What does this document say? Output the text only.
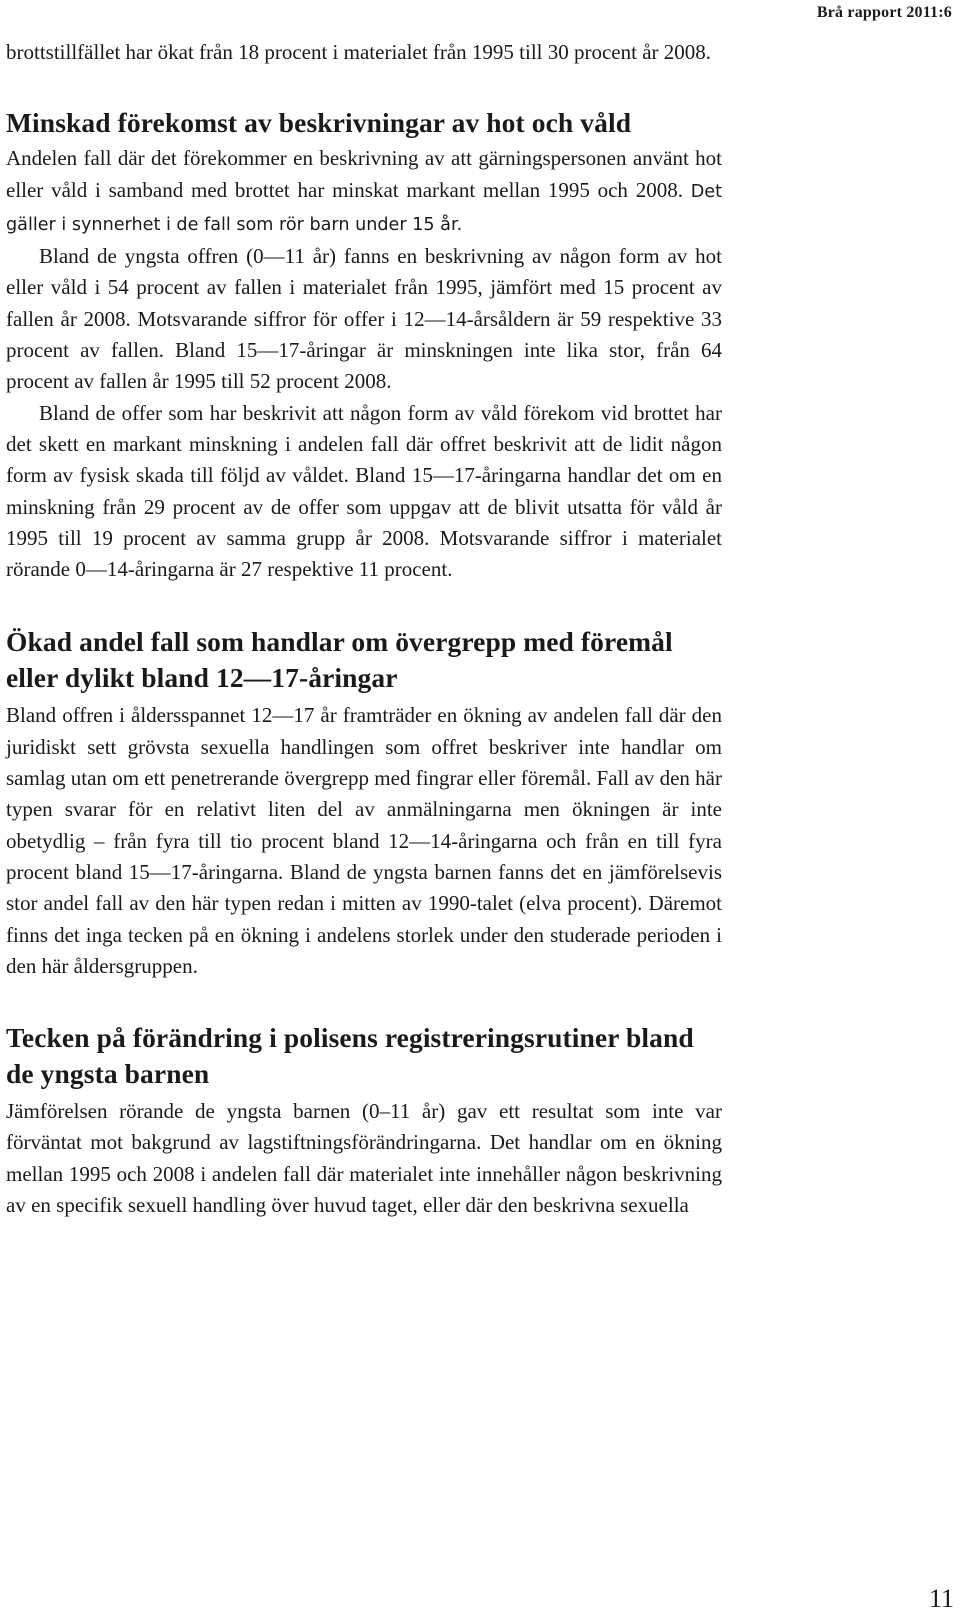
Brå rapport 2011:6

brottstillfället har ökat från 18 procent i materialet från 1995 till 30 procent år 2008.

Minskad förekomst av beskrivningar av hot och våld

Andelen fall där det förekommer en beskrivning av att gärningspersonen använt hot eller våld i samband med brottet har minskat markant mellan 1995 och 2008. Det gäller i synnerhet i de fall som rör barn under 15 år.

Bland de yngsta offren (0—11 år) fanns en beskrivning av någon form av hot eller våld i 54 procent av fallen i materialet från 1995, jämfört med 15 procent av fallen år 2008. Motsvarande siffror för offer i 12—14-årsåldern är 59 respektive 33 procent av fallen. Bland 15—17-åringar är minskningen inte lika stor, från 64 procent av fallen år 1995 till 52 procent 2008.

Bland de offer som har beskrivit att någon form av våld förekom vid brottet har det skett en markant minskning i andelen fall där offret beskrivit att de lidit någon form av fysisk skada till följd av våldet. Bland 15—17-åringarna handlar det om en minskning från 29 procent av de offer som uppgav att de blivit utsatta för våld år 1995 till 19 procent av samma grupp år 2008. Motsvarande siffror i materialet rörande 0—14-åringarna är 27 respektive 11 procent.

Ökad andel fall som handlar om övergrepp med föremål eller dylikt bland 12—17-åringar

Bland offren i åldersspannet 12—17 år framträder en ökning av andelen fall där den juridiskt sett grövsta sexuella handlingen som offret beskriver inte handlar om samlag utan om ett penetrerande övergrepp med fingrar eller föremål. Fall av den här typen svarar för en relativt liten del av anmälningarna men ökningen är inte obetydlig – från fyra till tio procent bland 12—14-åringarna och från en till fyra procent bland 15—17-åringarna. Bland de yngsta barnen fanns det en jämförelsevis stor andel fall av den här typen redan i mitten av 1990-talet (elva procent). Däremot finns det inga tecken på en ökning i andelens storlek under den studerade perioden i den här åldersgruppen.

Tecken på förändring i polisens registreringsrutiner bland de yngsta barnen

Jämförelsen rörande de yngsta barnen (0–11 år) gav ett resultat som inte var förväntat mot bakgrund av lagstiftningsförändringarna. Det handlar om en ökning mellan 1995 och 2008 i andelen fall där materialet inte innehåller någon beskrivning av en specifik sexuell handling över huvud taget, eller där den beskrivna sexuella

11
